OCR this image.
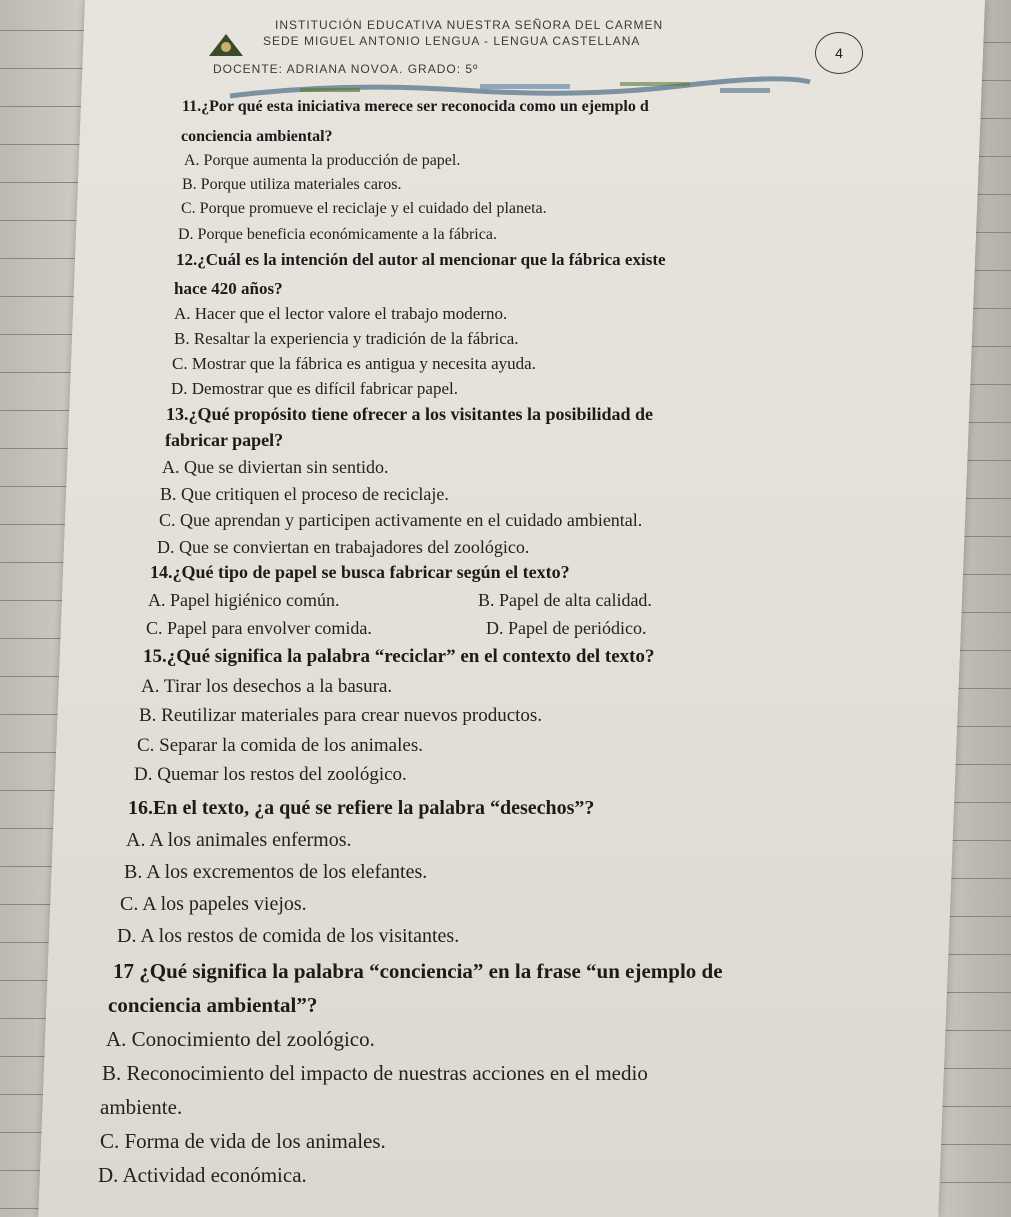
INSTITUCIÓN EDUCATIVA NUESTRA SEÑORA DEL CARMEN
SEDE MIGUEL ANTONIO LENGUA - LENGUA CASTELLANA
DOCENTE: ADRIANA NOVOA. GRADO: 5º
4
11.¿Por qué esta iniciativa merece ser reconocida como un ejemplo d
conciencia ambiental?
A. Porque aumenta la producción de papel.
B. Porque utiliza materiales caros.
C. Porque promueve el reciclaje y el cuidado del planeta.
D. Porque beneficia económicamente a la fábrica.
12.¿Cuál es la intención del autor al mencionar que la fábrica existe
hace 420 años?
A. Hacer que el lector valore el trabajo moderno.
B. Resaltar la experiencia y tradición de la fábrica.
C. Mostrar que la fábrica es antigua y necesita ayuda.
D. Demostrar que es difícil fabricar papel.
13.¿Qué propósito tiene ofrecer a los visitantes la posibilidad de
fabricar papel?
A. Que se diviertan sin sentido.
B. Que critiquen el proceso de reciclaje.
C. Que aprendan y participen activamente en el cuidado ambiental.
D. Que se conviertan en trabajadores del zoológico.
14.¿Qué tipo de papel se busca fabricar según el texto?
A. Papel higiénico común.	B. Papel de alta calidad.
C. Papel para envolver comida.	D. Papel de periódico.
15.¿Qué significa la palabra “reciclar” en el contexto del texto?
A. Tirar los desechos a la basura.
B. Reutilizar materiales para crear nuevos productos.
C. Separar la comida de los animales.
D. Quemar los restos del zoológico.
16.En el texto, ¿a qué se refiere la palabra “desechos”?
A. A los animales enfermos.
B. A los excrementos de los elefantes.
C. A los papeles viejos.
D. A los restos de comida de los visitantes.
17 ¿Qué significa la palabra “conciencia” en la frase “un ejemplo de
conciencia ambiental”?
A. Conocimiento del zoológico.
B. Reconocimiento del impacto de nuestras acciones en el medio
ambiente.
C. Forma de vida de los animales.
D. Actividad económica.
